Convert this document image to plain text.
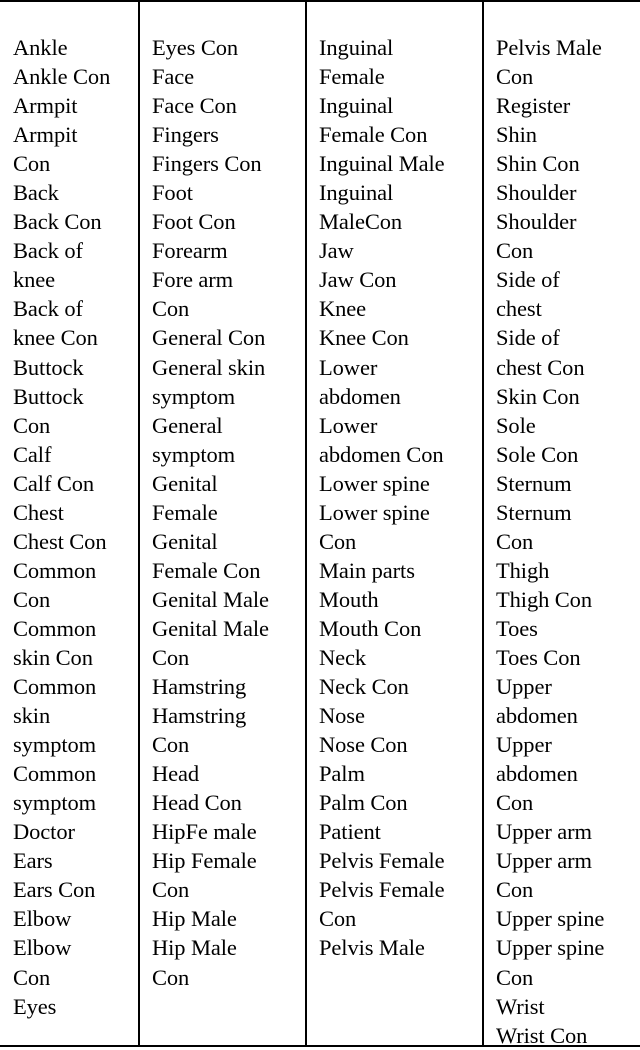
Ankle
Ankle Con
Armpit
Armpit
Con
Back
Back Con
Back of
knee
Back of
knee Con
Buttock
Buttock
Con
Calf
Calf Con
Chest
Chest Con
Common
Con
Common
skin Con
Common
skin
symptom
Common
symptom
Doctor
Ears
Ears Con
Elbow
Elbow
Con
Eyes
Eyes Con
Face
Face Con
Fingers
Fingers Con
Foot
Foot Con
Forearm
Fore arm
Con
General Con
General skin
symptom
General
symptom
Genital
Female
Genital
Female Con
Genital Male
Genital Male
Con
Hamstring
Hamstring
Con
Head
Head Con
HipFe male
Hip Female
Con
Hip Male
Hip Male
Con
Inguinal
Female
Inguinal
Female Con
Inguinal Male
Inguinal
MaleCon
Jaw
Jaw Con
Knee
Knee Con
Lower
abdomen
Lower
abdomen Con
Lower spine
Lower spine
Con
Main parts
Mouth
Mouth Con
Neck
Neck Con
Nose
Nose Con
Palm
Palm Con
Patient
Pelvis Female
Pelvis Female
Con
Pelvis Male
Pelvis Male
Con
Register
Shin
Shin Con
Shoulder
Shoulder
Con
Side of
chest
Side of
chest Con
Skin Con
Sole
Sole Con
Sternum
Sternum
Con
Thigh
Thigh Con
Toes
Toes Con
Upper
abdomen
Upper
abdomen
Con
Upper arm
Upper arm
Con
Upper spine
Upper spine
Con
Wrist
Wrist Con
